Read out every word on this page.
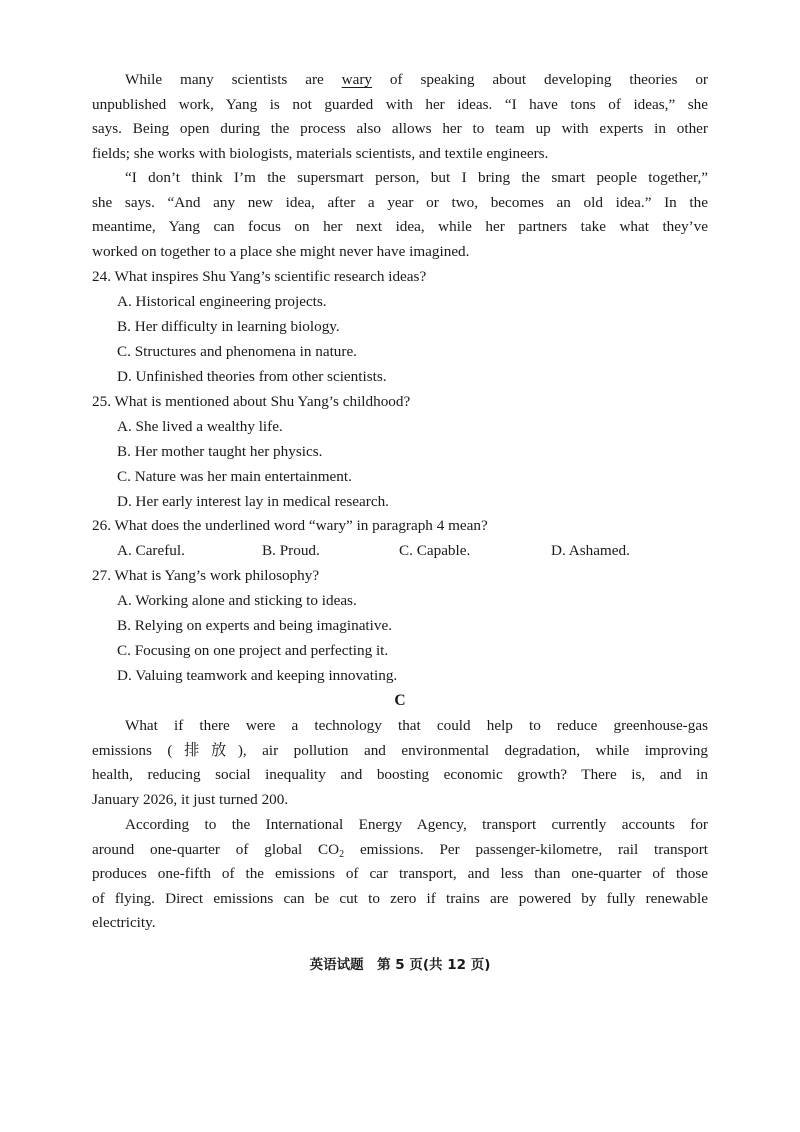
While many scientists are wary of speaking about developing theories or
unpublished work, Yang is not guarded with her ideas. “I have tons of ideas,” she
says. Being open during the process also allows her to team up with experts in other
fields; she works with biologists, materials scientists, and textile engineers.
“I don’t think I’m the supersmart person, but I bring the smart people together,”
she says. “And any new idea, after a year or two, becomes an old idea.” In the
meantime, Yang can focus on her next idea, while her partners take what they’ve
worked on together to a place she might never have imagined.
24. What inspires Shu Yang’s scientific research ideas?
A. Historical engineering projects.
B. Her difficulty in learning biology.
C. Structures and phenomena in nature.
D. Unfinished theories from other scientists.
25. What is mentioned about Shu Yang’s childhood?
A. She lived a wealthy life.
B. Her mother taught her physics.
C. Nature was her main entertainment.
D. Her early interest lay in medical research.
26. What does the underlined word “wary” in paragraph 4 mean?
A. Careful.	B. Proud.	C. Capable.	D. Ashamed.
27. What is Yang’s work philosophy?
A. Working alone and sticking to ideas.
B. Relying on experts and being imaginative.
C. Focusing on one project and perfecting it.
D. Valuing teamwork and keeping innovating.
C
What if there were a technology that could help to reduce greenhouse-gas
emissions (排放), air pollution and environmental degradation, while improving
health, reducing social inequality and boosting economic growth? There is, and in
January 2026, it just turned 200.
According to the International Energy Agency, transport currently accounts for
around one-quarter of global $CO_2$ emissions. Per passenger-kilometre, rail transport
produces one-fifth of the emissions of car transport, and less than one-quarter of those
of flying. Direct emissions can be cut to zero if trains are powered by fully renewable
electricity.
英语试题　第 5 页(共 12 页)
